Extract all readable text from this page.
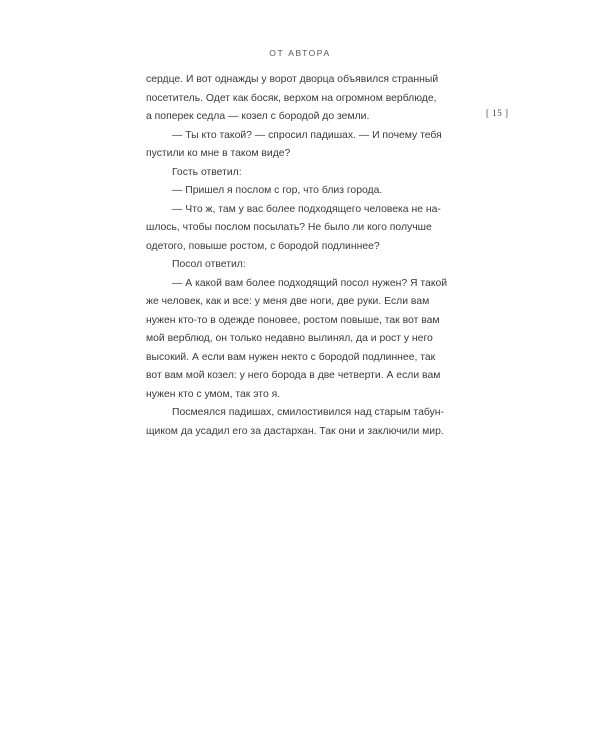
ОТ АВТОРА
[ 15 ]
сердце. И вот однажды у ворот дворца объявился странный
посетитель. Одет как босяк, верхом на огромном верблюде,
а поперек седла — козел с бородой до земли.
— Ты кто такой? — спросил падишах. — И почему тебя
пустили ко мне в таком виде?
Гость ответил:
— Пришел я послом с гор, что близ города.
— Что ж, там у вас более подходящего человека не на-
шлось, чтобы послом посылать? Не было ли кого получше
одетого, повыше ростом, с бородой подлиннее?
Посол ответил:
— А какой вам более подходящий посол нужен? Я такой
же человек, как и все: у меня две ноги, две руки. Если вам
нужен кто-то в одежде поновее, ростом повыше, так вот вам
мой верблюд, он только недавно вылинял, да и рост у него
высокий. А если вам нужен некто с бородой подлиннее, так
вот вам мой козел: у него борода в две четверти. А если вам
нужен кто с умом, так это я.
Посмеялся падишах, смилостивился над старым табун-
щиком да усадил его за дастархан. Так они и заключили мир.
